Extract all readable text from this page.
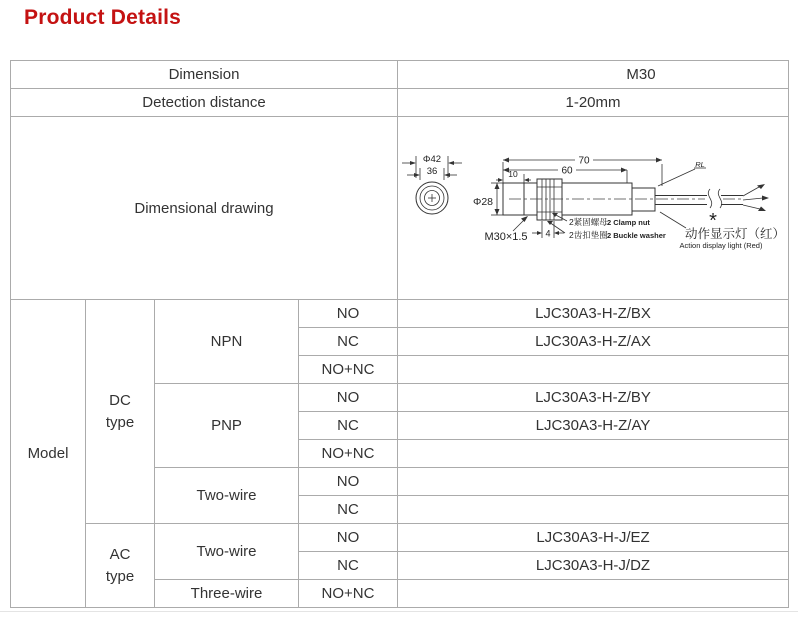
Product Details
Dimension				M30
Detection distance				1-20mm
Dimensional drawing	
Φ42
36
70
60
10
Φ28
4
M30×1.5
2紧固螺母 2 Clamp nut
2齿扣垫圈 2 Buckle washer
RL
*
动作显示灯（红）
Action display light (Red)

Model	DC type	NPN	NO	LJC30A3-H-Z/BX
			NC	LJC30A3-H-Z/AX
			NO+NC	
		PNP	NO	LJC30A3-H-Z/BY
			NC	LJC30A3-H-Z/AY
			NO+NC	
		Two-wire	NO	
			NC	
	AC type	Two-wire	NO	LJC30A3-H-J/EZ
			NC	LJC30A3-H-J/DZ
		Three-wire	NO+NC	
